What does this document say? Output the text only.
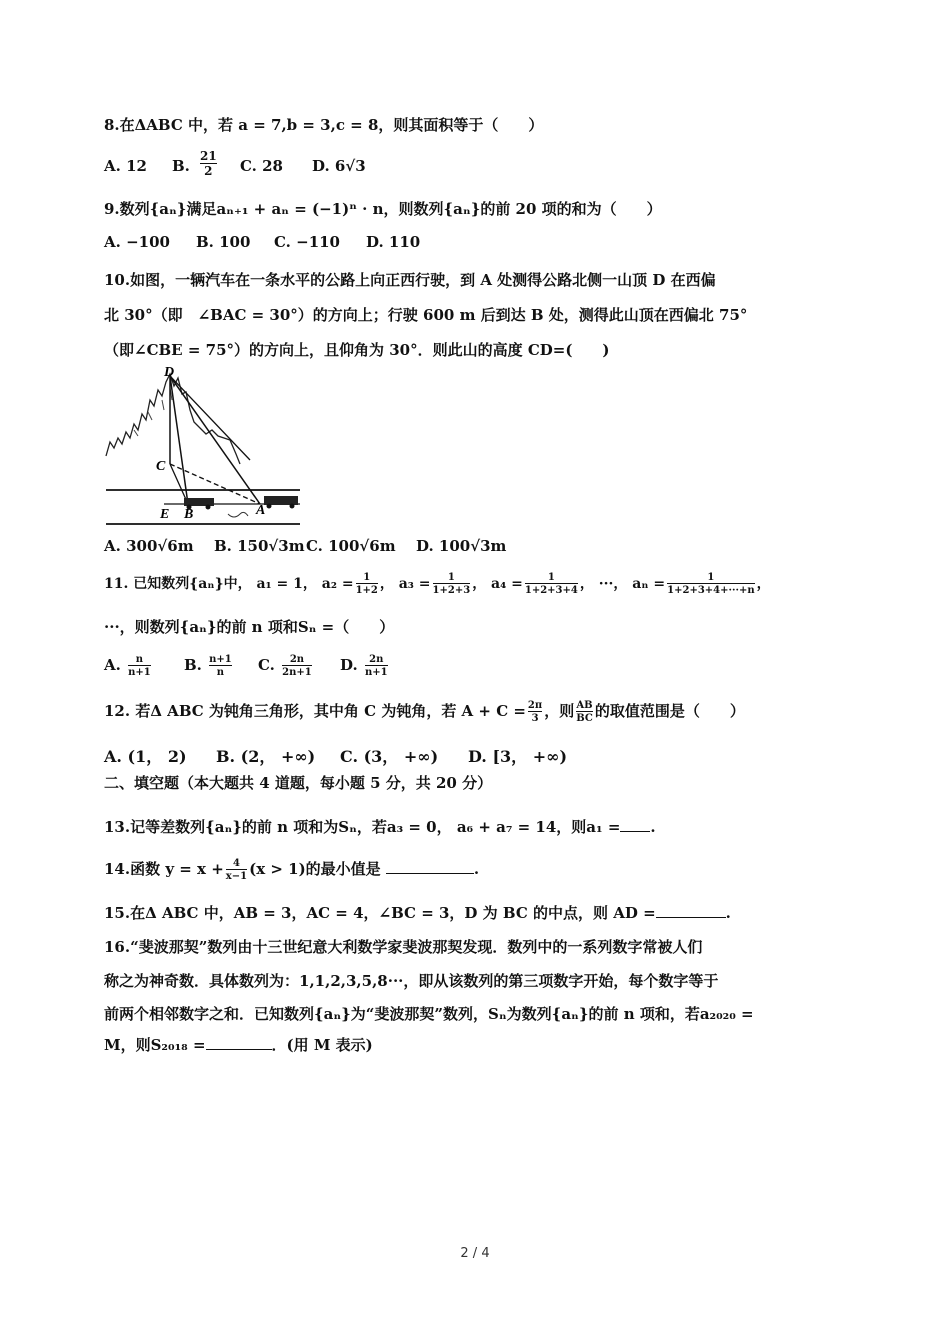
8.在ΔABC 中，若 a = 7,b = 3,c = 8，则其面积等于（　　）
A. 12 B. $\frac{21}{2} C$. 28 D. 6√3
9.数列{aₙ}满足aₙ₊₁ + aₙ = (−1)ⁿ · n，则数列{aₙ}的前 20 项的和为（　　）
A. −100 B. 100 C. −110 D. 110
10.如图，一辆汽车在一条水平的公路上向正西行驶，到 A 处测得公路北侧一山顶 D 在西偏
北 30°（即　∠BAC = 30°）的方向上；行驶 600 m 后到达 B 处，测得此山顶在西偏北 75°
（即∠CBE = 75°）的方向上，且仰角为 30°．则此山的高度 CD=(　　)
D
C
E B	A
A. 300√6m B. 150√3m C. 100√6m D. 100√3m
11. 已知数列{aₙ}中， a₁ = 1， $a_2 = \frac{1}{1+2}$ ， $a_3 = \frac{1}{1+2+3}$ ， $a_4 = \frac{1}{1+2+3+4}$ ， ···， $a_n = \frac{1}{1+2+3+4+\cdot\cdot\cdot+n}$ ，
···，则数列{aₙ}的前 n 项和Sₙ =（　　）
A. $\frac{n}{n+1} B$. $\frac{n+1}{n} C$. $\frac{2n}{2n+1} D$. $\frac{2n}{n+1}$
12. 若Δ ABC 为钝角三角形，其中角 C 为钝角，若 $A + C = \frac{2\pi}{3}$ ，则 $\frac{AB}{BC}$ 的取值范围是（　　）
A. (1， 2) B. (2， +∞) C. (3， +∞) D. [3， +∞)
二、填空题（本大题共 4 道题，每小题 5 分，共 20 分）
13.记等差数列{aₙ}的前 n 项和为Sₙ，若a₃ = 0， a₆ + a₇ = 14，则a₁ = .
14.函数 $y = x + \frac{4}{x-1} (x > 1)$的最小值是	.
15.在Δ ABC 中，AB = 3，AC = 4，∠BC = 3，D 为 BC 的中点，则 AD =	.
16.“斐波那契”数列由十三世纪意大利数学家斐波那契发现．数列中的一系列数字常被人们
称之为神奇数．具体数列为：1,1,2,3,5,8···，即从该数列的第三项数字开始，每个数字等于
前两个相邻数字之和．已知数列{aₙ}为“斐波那契”数列，Sₙ为数列{aₙ}的前 n 项和，若a₂₀₂₀ =
M，则S₂₀₁₈ =	．(用 M 表示)
2 / 4
